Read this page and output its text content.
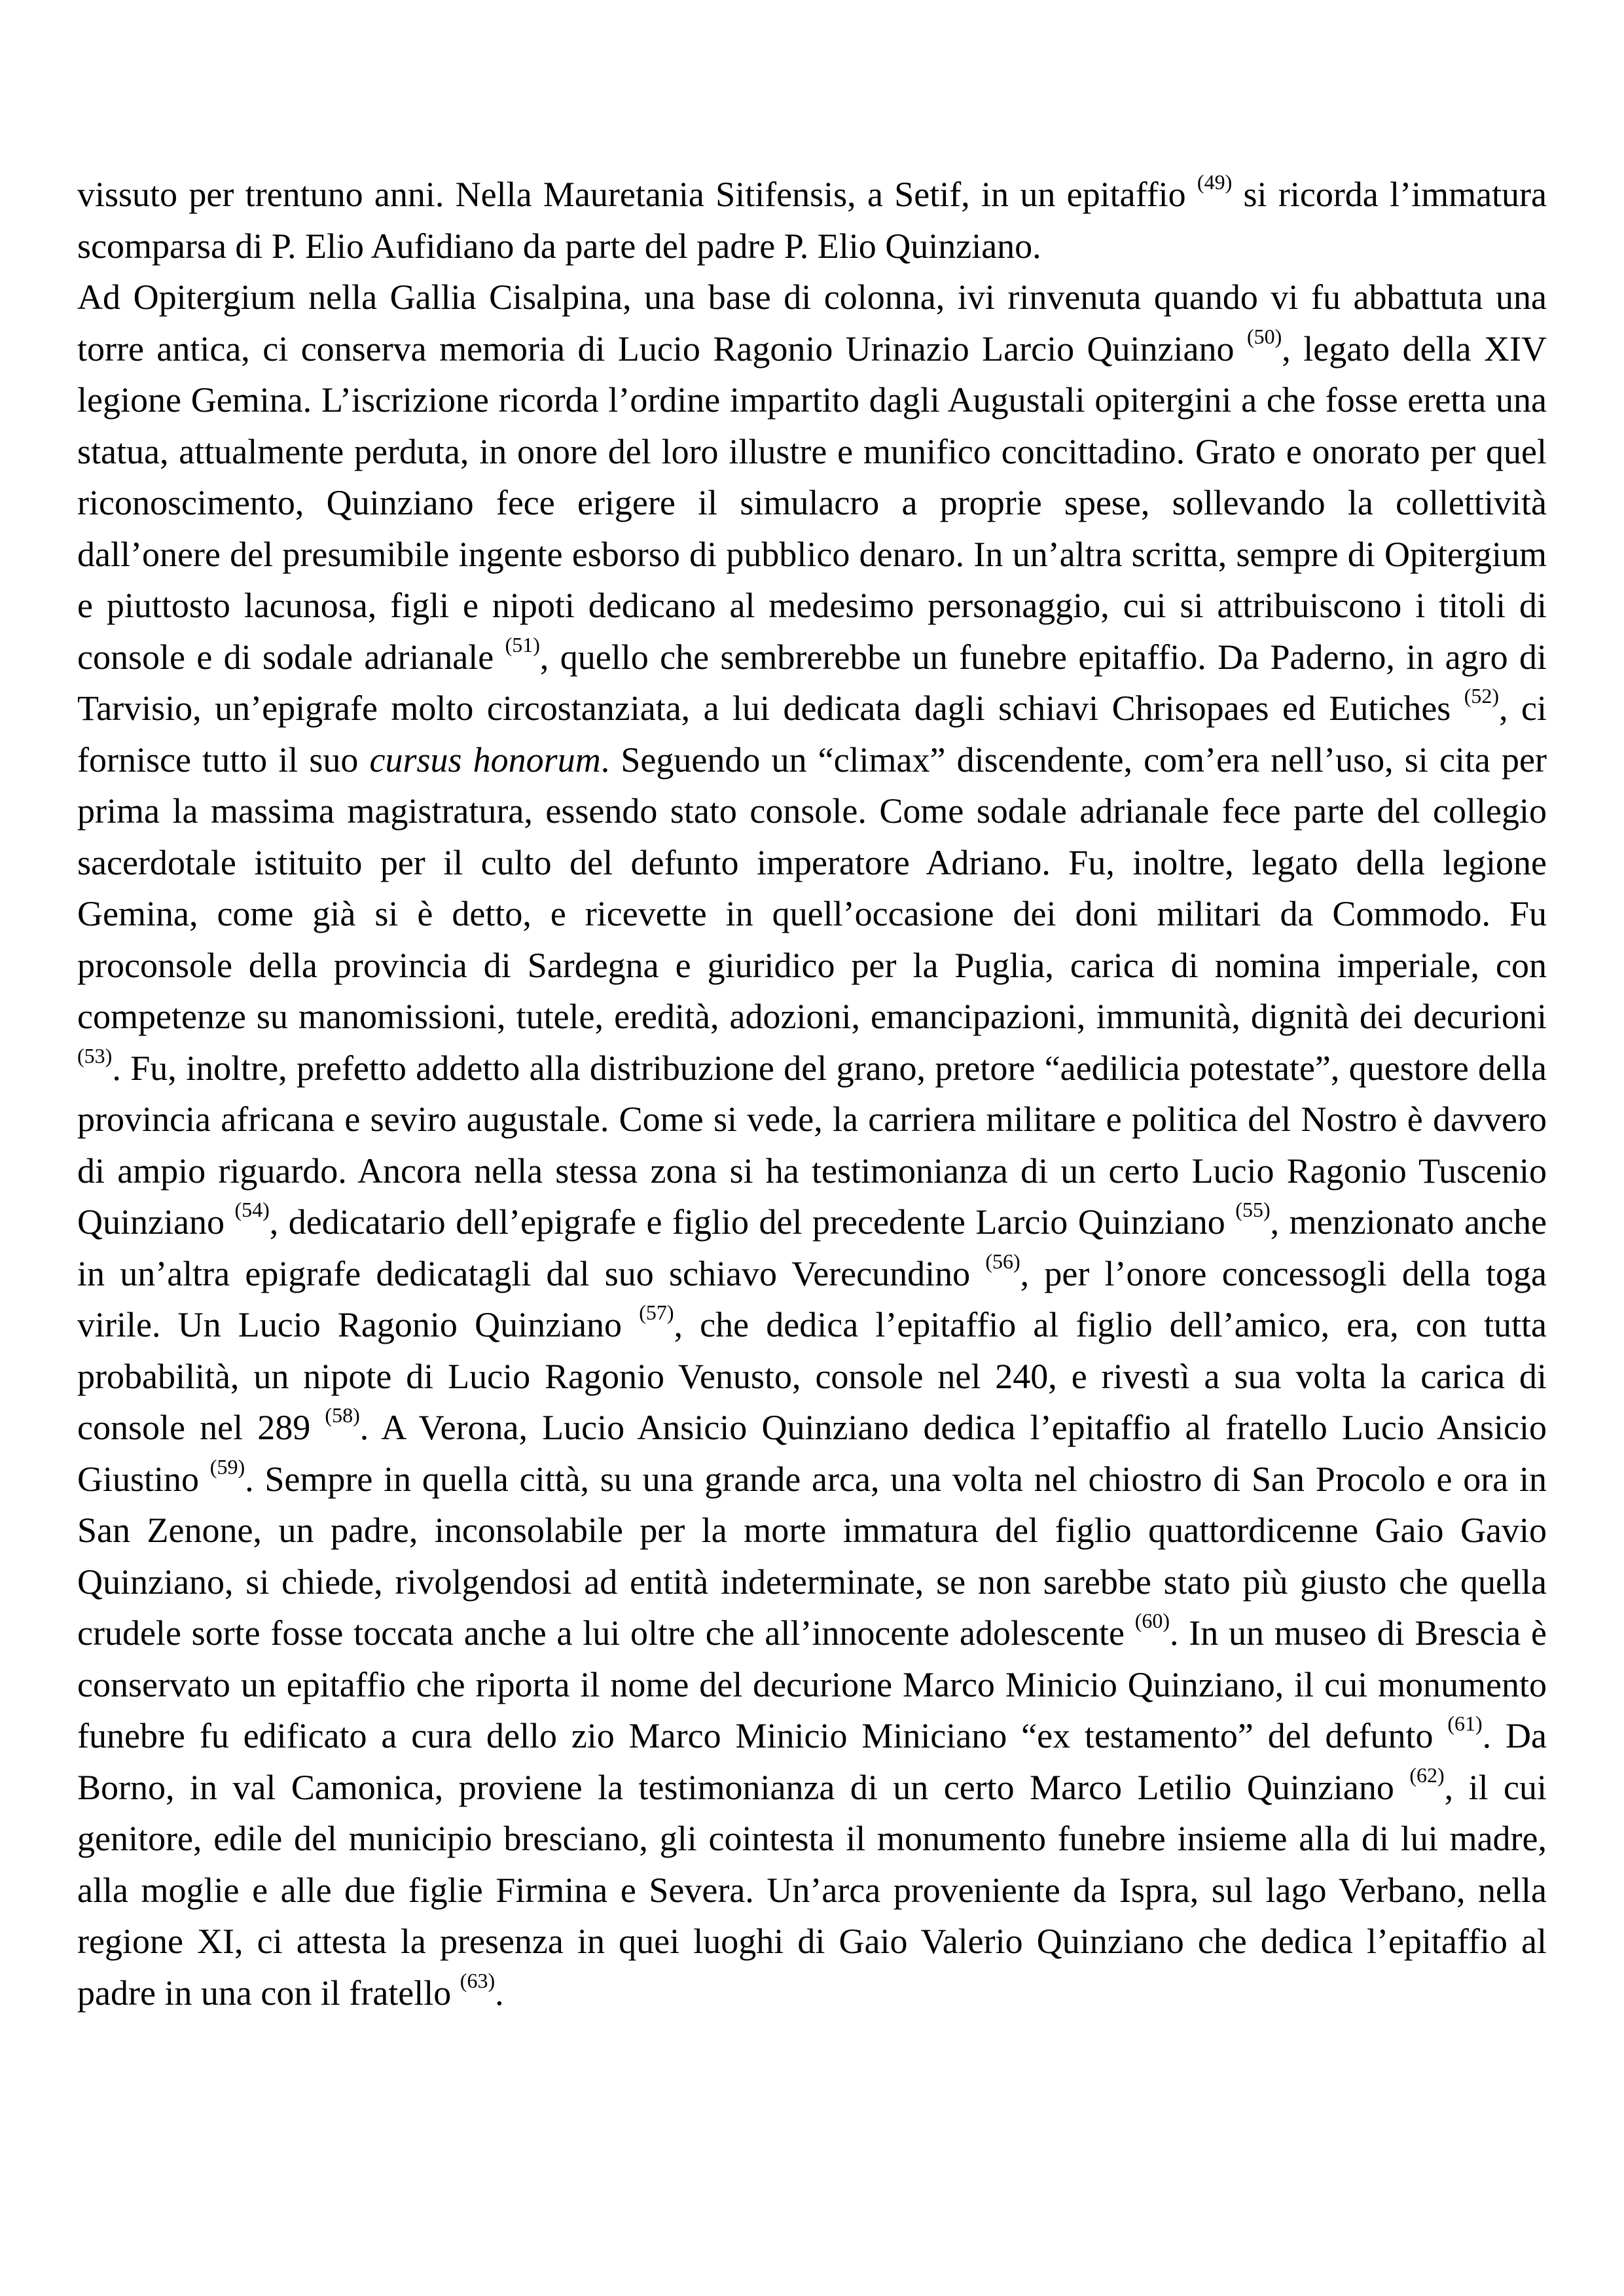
vissuto per trentuno anni. Nella Mauretania Sitifensis, a Setif, in un epitaffio $^{(49)}$ si ricorda l’immatura scomparsa di P. Elio Aufidiano da parte del padre P. Elio Quinziano.

Ad Opitergium nella Gallia Cisalpina, una base di colonna, ivi rinvenuta quando vi fu abbattuta una torre antica, ci conserva memoria di Lucio Ragonio Urinazio Larcio Quinziano $^{(50)}$, legato della XIV legione Gemina. L’iscrizione ricorda l’ordine impartito dagli Augustali opitergini a che fosse eretta una statua, attualmente perduta, in onore del loro illustre e munifico concittadino. Grato e onorato per quel riconoscimento, Quinziano fece erigere il simulacro a proprie spese, sollevando la collettività dall’onere del presumibile ingente esborso di pubblico denaro. In un’altra scritta, sempre di Opitergium e piuttosto lacunosa, figli e nipoti dedicano al medesimo personaggio, cui si attribuiscono i titoli di console e di sodale adrianale $^{(51)}$, quello che sembrerebbe un funebre epitaffio. Da Paderno, in agro di Tarvisio, un’epigrafe molto circostanziata, a lui dedicata dagli schiavi Chrisopaes ed Eutiches $^{(52)}$, ci fornisce tutto il suo cursus honorum. Seguendo un “climax” discendente, com’era nell’uso, si cita per prima la massima magistratura, essendo stato console. Come sodale adrianale fece parte del collegio sacerdotale istituito per il culto del defunto imperatore Adriano. Fu, inoltre, legato della legione Gemina, come già si è detto, e ricevette in quell’occasione dei doni militari da Commodo. Fu proconsole della provincia di Sardegna e giuridico per la Puglia, carica di nomina imperiale, con competenze su manomissioni, tutele, eredità, adozioni, emancipazioni, immunità, dignità dei decurioni $^{(53)}$. Fu, inoltre, prefetto addetto alla distribuzione del grano, pretore “aedilicia potestate”, questore della provincia africana e seviro augustale. Come si vede, la carriera militare e politica del Nostro è davvero di ampio riguardo. Ancora nella stessa zona si ha testimonianza di un certo Lucio Ragonio Tuscenio Quinziano $^{(54)}$, dedicatario dell’epigrafe e figlio del precedente Larcio Quinziano $^{(55)}$, menzionato anche in un’altra epigrafe dedicatagli dal suo schiavo Verecundino $^{(56)}$, per l’onore concessogli della toga virile. Un Lucio Ragonio Quinziano $^{(57)}$, che dedica l’epitaffio al figlio dell’amico, era, con tutta probabilità, un nipote di Lucio Ragonio Venusto, console nel 240, e rivestì a sua volta la carica di console nel 289 $^{(58)}$. A Verona, Lucio Ansicio Quinziano dedica l’epitaffio al fratello Lucio Ansicio Giustino $^{(59)}$. Sempre in quella città, su una grande arca, una volta nel chiostro di San Procolo e ora in San Zenone, un padre, inconsolabile per la morte immatura del figlio quattordicenne Gaio Gavio Quinziano, si chiede, rivolgendosi ad entità indeterminate, se non sarebbe stato più giusto che quella crudele sorte fosse toccata anche a lui oltre che all’innocente adolescente $^{(60)}$. In un museo di Brescia è conservato un epitaffio che riporta il nome del decurione Marco Minicio Quinziano, il cui monumento funebre fu edificato a cura dello zio Marco Minicio Miniciano “ex testamento” del defunto $^{(61)}$. Da Borno, in val Camonica, proviene la testimonianza di un certo Marco Letilio Quinziano $^{(62)}$, il cui genitore, edile del municipio bresciano, gli cointesta il monumento funebre insieme alla di lui madre, alla moglie e alle due figlie Firmina e Severa. Un’arca proveniente da Ispra, sul lago Verbano, nella regione XI, ci attesta la presenza in quei luoghi di Gaio Valerio Quinziano che dedica l’epitaffio al padre in una con il fratello $^{(63)}$.
